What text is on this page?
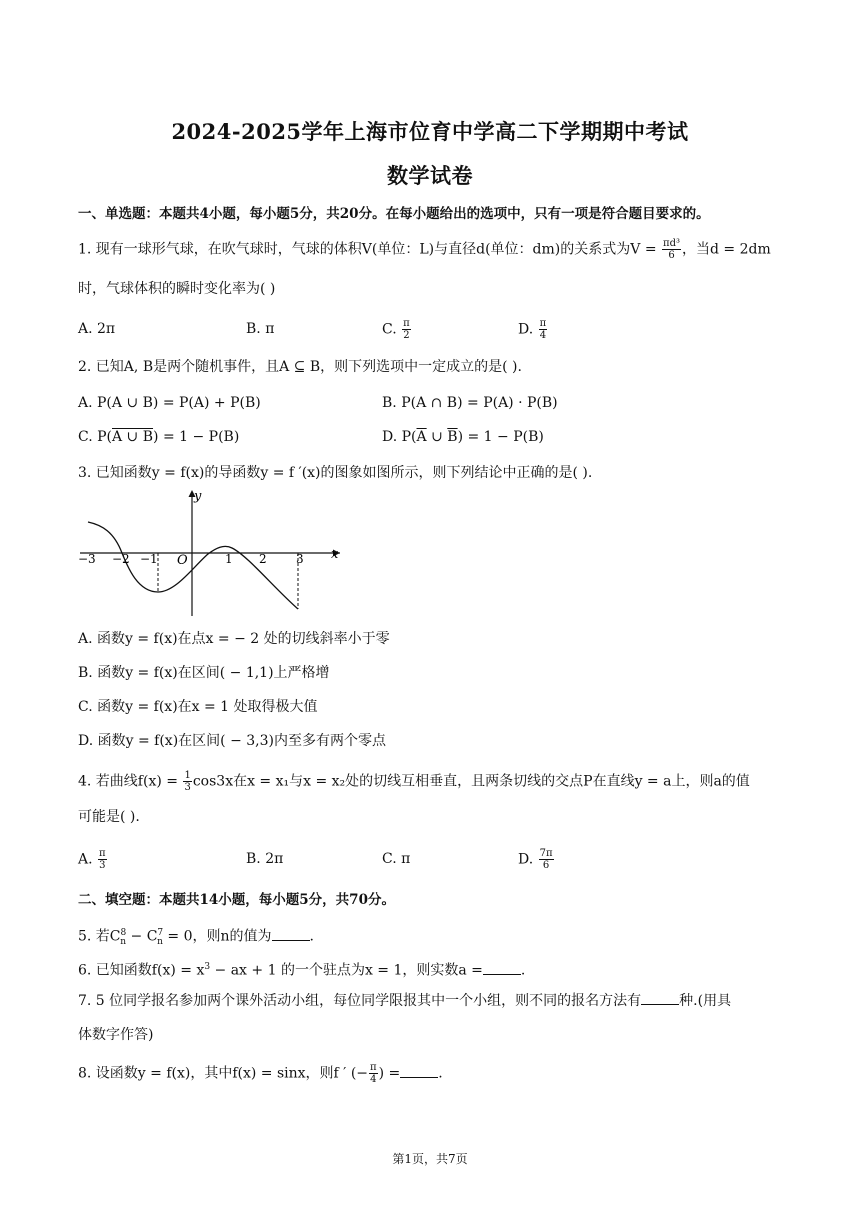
2024-2025学年上海市位育中学高二下学期期中考试
数学试卷
一、单选题：本题共4小题，每小题5分，共20分。在每小题给出的选项中，只有一项是符合题目要求的。
1. 现有一球形气球，在吹气球时，气球的体积V(单位：L)与直径d(单位：dm)的关系式为$V = \frac{\text{πd³}}{6}$ ，当d = 2dm
时，气球体积的瞬时变化率为( )
A. 2π	B. π	C. $\frac{\pi}{2}$	D. $\frac{\pi}{4}$
2. 已知A, B是两个随机事件，且A ⊆ B，则下列选项中一定成立的是( ).
A. P(A ∪ B) = P(A) + P(B)	B. P(A ∩ B) = P(A) · P(B)
C. P(A ∪ B) = 1 − P(B)	D. $P(\overline{A}$ ∪ $\overline{B}) = 1 - P(B)$
3. 已知函数y = f(x)的导函数y = f ′(x)的图象如图所示，则下列结论中正确的是( ).
y
x
O
−3 −2 −1	1 2 3
A. 函数y = f(x)在点x = − 2 处的切线斜率小于零
B. 函数y = f(x)在区间( − 1,1)上严格增
C. 函数y = f(x)在x = 1 处取得极大值
D. 函数y = f(x)在区间( − 3,3)内至多有两个零点
4. 若曲线$f(x) = \frac{1}{3} \cos 3x$在x = x₁与x = x₂处的切线互相垂直，且两条切线的交点P在直线y = a上，则a的值
可能是( ).
A. $\frac{\pi}{3}$	B. 2π	C. π	D. $\frac{7\pi}{6}$
二、填空题：本题共14小题，每小题5分，共70分。
5. 若$C^8_n - C^7_n = 0$，则n的值为	.
6. 已知函数$f(x) = x^3$ − ax + 1 的一个驻点为x = 1，则实数a =	.
7. 5 位同学报名参加两个课外活动小组，每位同学限报其中一个小组，则不同的报名方法有	种.(用具
体数字作答)
8. 设函数y = f(x)，其中f(x) = sinx，则f ′ (− $\frac{\pi}{4}$ ) =	.
第1页，共7页
